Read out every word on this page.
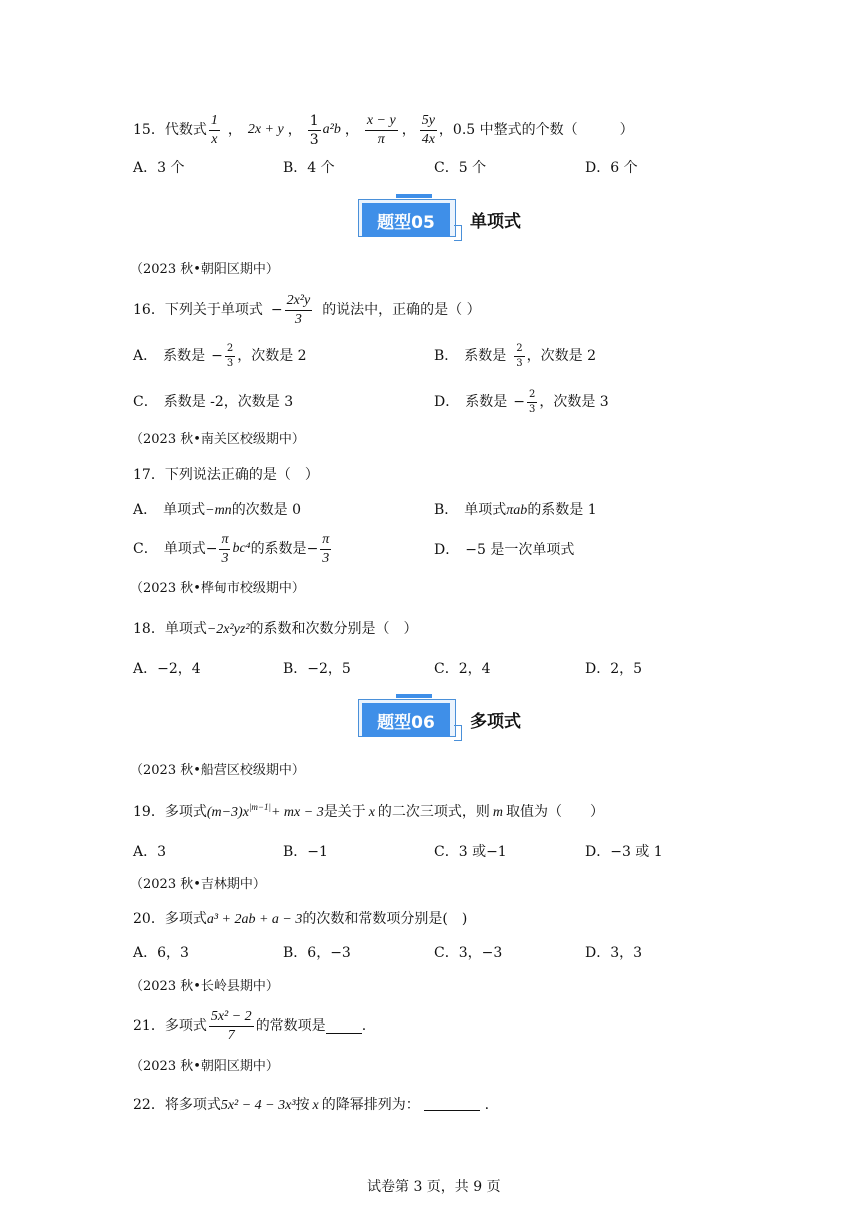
15． 代数式 $\frac{1}{x}$ ， 2x + y ， $\frac{1}{3} a^2b$ ， $\frac{x - y}{\pi}$ ， $\frac{5y}{4x}$ ，0.5 中整式的个数（　　　）
A．3 个	B．4 个	C．5 个	D．6 个
题型05	单项式
（2023 秋•朝阳区期中）
16． 下列关于单项式 − $\frac{\text{2x²y}}{3}$ 的说法中，正确的是（ ）
A． 系数是 − $\frac{2}{3}$ ，次数是 2	B． 系数是 $\frac{2}{3}$ ，次数是 2
C． 系数是 -2，次数是 3	D． 系数是 − $\frac{2}{3}$ ，次数是 3
（2023 秋•南关区校级期中）
17．下列说法正确的是（　）
A． 单项式−mn的次数是 0	B． 单项式πab的系数是 1
C． 单项式 − $\frac{\pi}{3} bc^4$ 的系数是 − $\frac{\pi}{3}$	D． −5 是一次单项式
（2023 秋•桦甸市校级期中）
18．单项式−2x²yz²的系数和次数分别是（　）
A．−2，4	B．−2，5	C．2，4	D．2，5
题型06	多项式
（2023 秋•船营区校级期中）
19．多项式$(m-3)x^{|m-1|}+$ mx − 3是关于 x 的二次三项式，则 m 取值为（　　）
A．3	B．−1	C．3 或−1	D．−3 或 1
（2023 秋•吉林期中）
20．多项式a³ + 2ab + a − 3的次数和常数项分别是(　)
A．6，3	B．6，−3	C．3，−3	D．3，3
（2023 秋•长岭县期中）
21． 多项式 $\frac{\text{5x² − 2}}{7}$ 的常数项是	.
（2023 秋•朝阳区期中）
22．将多项式5x² − 4 − 3x³按 x 的降幂排列为：	.
试卷第 3 页，共 9 页
